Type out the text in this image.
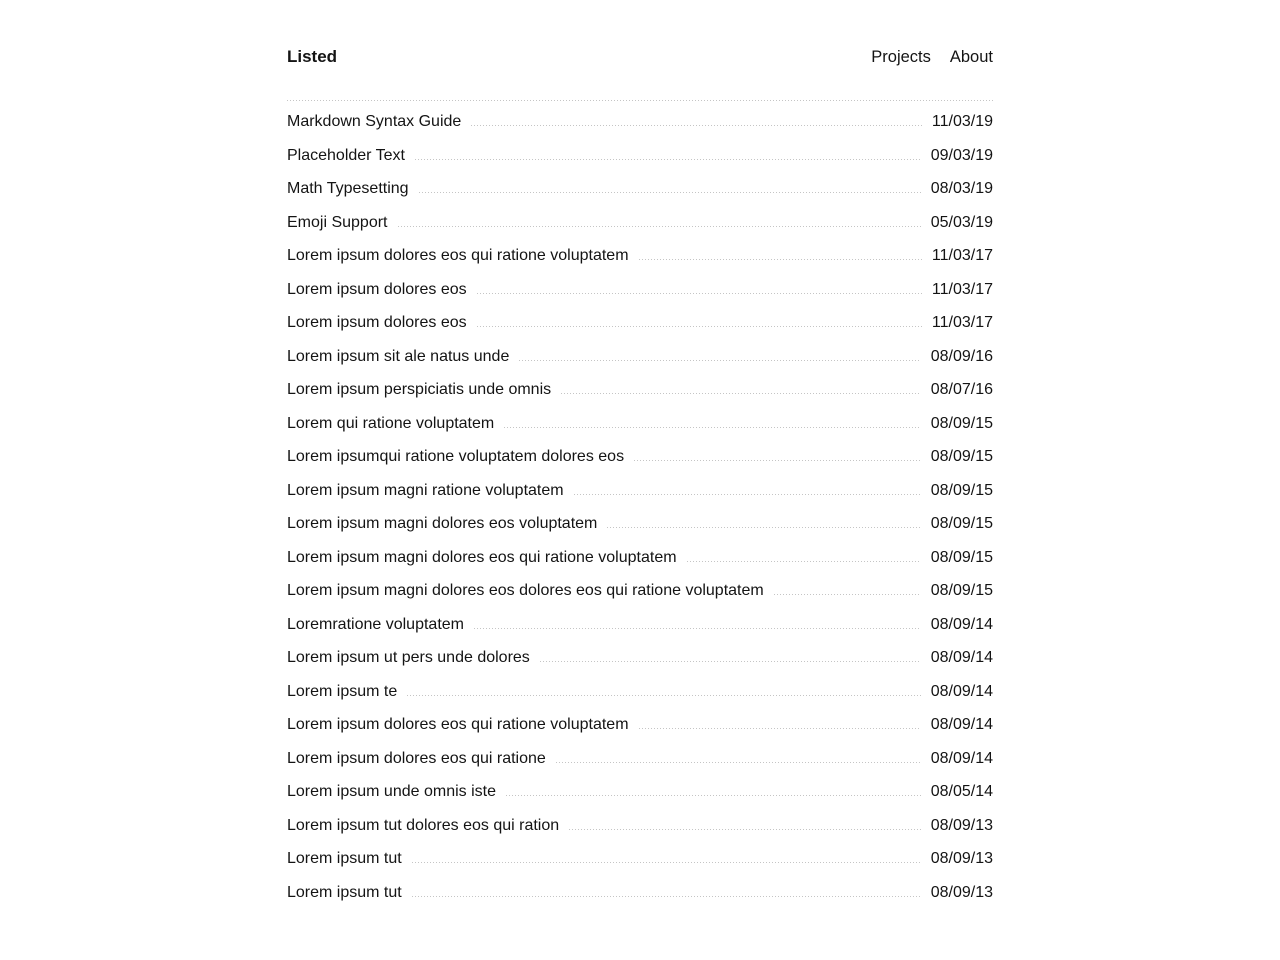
Listed	Projects About
Markdown Syntax Guide	11/03/19
Placeholder Text	09/03/19
Math Typesetting	08/03/19
Emoji Support	05/03/19
Lorem ipsum dolores eos qui ratione voluptatem	11/03/17
Lorem ipsum dolores eos	11/03/17
Lorem ipsum dolores eos	11/03/17
Lorem ipsum sit ale natus unde	08/09/16
Lorem ipsum perspiciatis unde omnis	08/07/16
Lorem qui ratione voluptatem	08/09/15
Lorem ipsumqui ratione voluptatem dolores eos	08/09/15
Lorem ipsum magni ratione voluptatem	08/09/15
Lorem ipsum magni dolores eos voluptatem	08/09/15
Lorem ipsum magni dolores eos qui ratione voluptatem	08/09/15
Lorem ipsum magni dolores eos dolores eos qui ratione voluptatem	08/09/15
Loremratione voluptatem	08/09/14
Lorem ipsum ut pers unde dolores	08/09/14
Lorem ipsum te	08/09/14
Lorem ipsum dolores eos qui ratione voluptatem	08/09/14
Lorem ipsum dolores eos qui ratione	08/09/14
Lorem ipsum unde omnis iste	08/05/14
Lorem ipsum tut dolores eos qui ration	08/09/13
Lorem ipsum tut	08/09/13
Lorem ipsum tut	08/09/13
